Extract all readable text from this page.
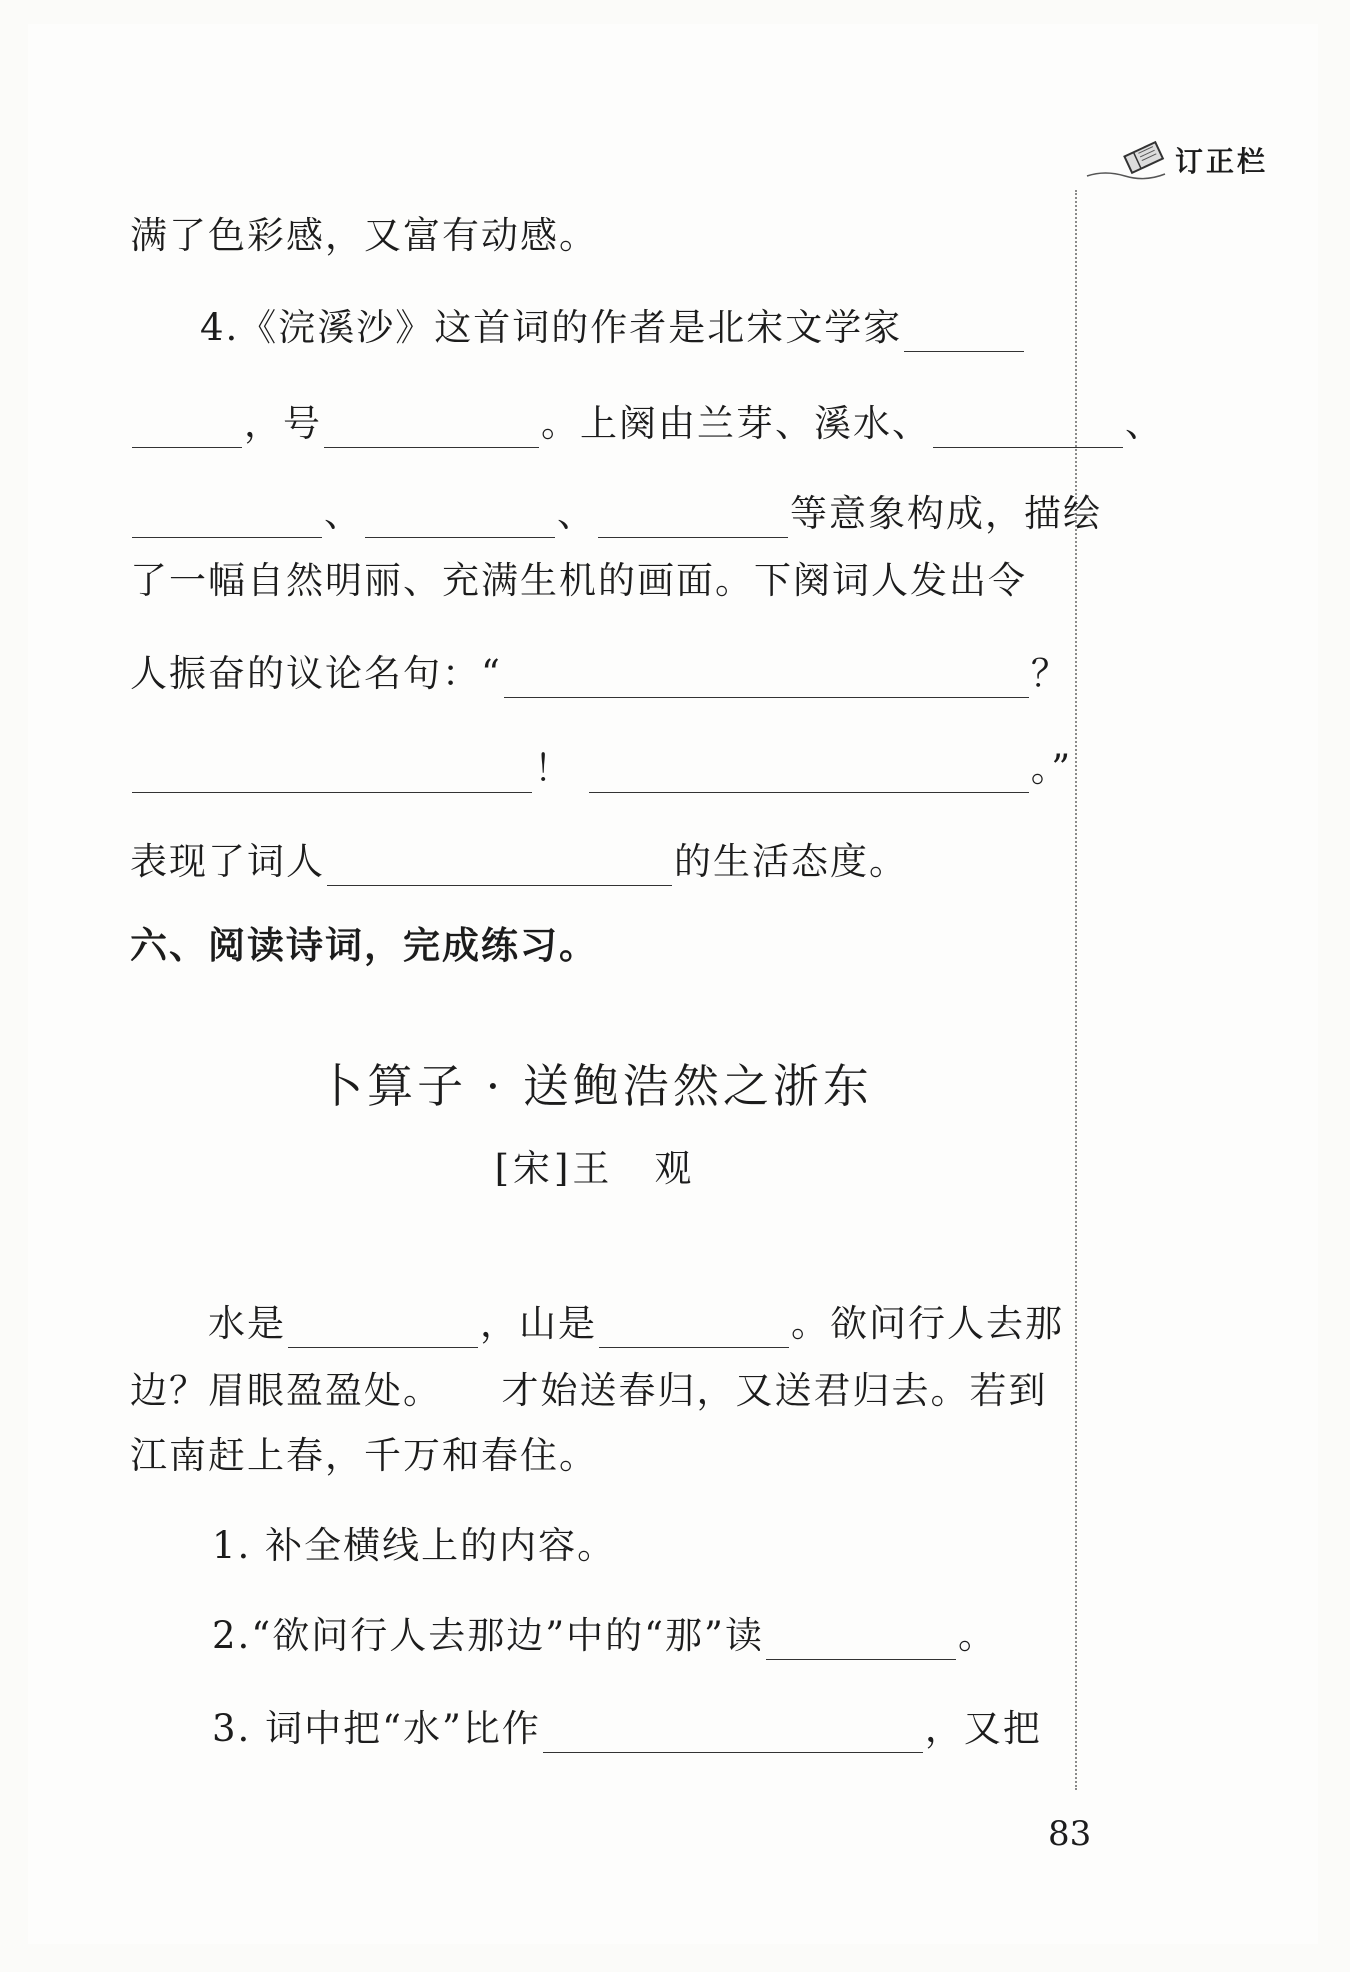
订正栏
满了色彩感，又富有动感。
4.《浣溪沙》这首词的作者是北宋文学家
，号	。上阕由兰芽、溪水、	、
、	、	等意象构成，描绘
了一幅自然明丽、充满生机的画面。下阕词人发出令
人振奋的议论名句：“	？
！	。”
表现了词人	的生活态度。
六、阅读诗词，完成练习。
卜算子 · 送鲍浩然之浙东
[宋]王　观
水是	，山是	。欲问行人去那
边？眉眼盈盈处。　　才始送春归，又送君归去。若到
江南赶上春，千万和春住。
1. 补全横线上的内容。
2.“欲问行人去那边”中的“那”读	。
3. 词中把“水”比作	，又把
83
